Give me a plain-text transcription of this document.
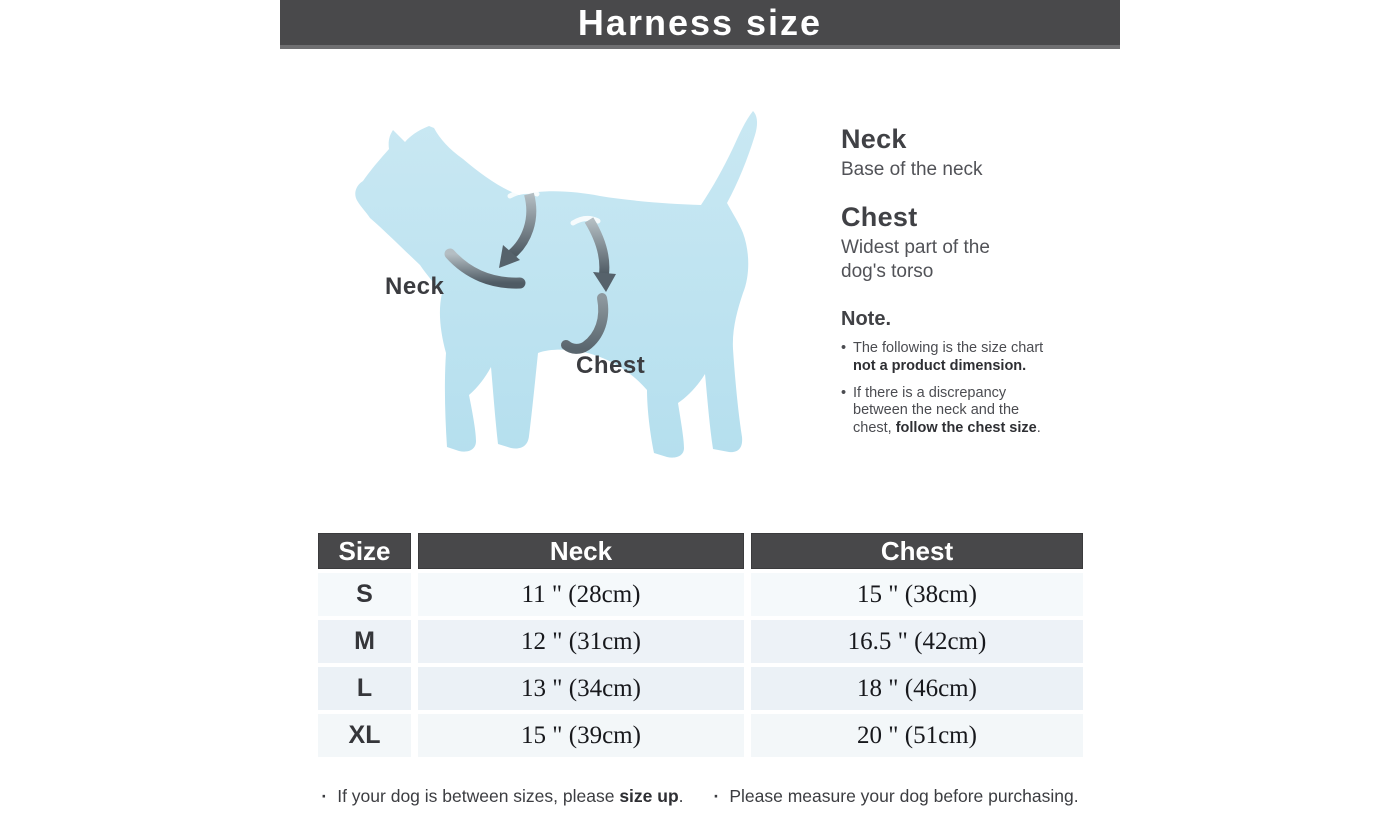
Harness size
Neck
Chest
Neck

Base of the neck

Chest

Widest part of the dog's torso

Note.
• The following is the size chart not a product dimension.
• If there is a discrepancy between the neck and the chest, follow the chest size.
Size	Neck	Chest
S	11 " (28cm)	15 " (38cm)
M	12 " (31cm)	16.5 " (42cm)
L	13 " (34cm)	18 " (46cm)
XL	15 " (39cm)	20 " (51cm)
· If your dog is between sizes, please size up.	· Please measure your dog before purchasing.
